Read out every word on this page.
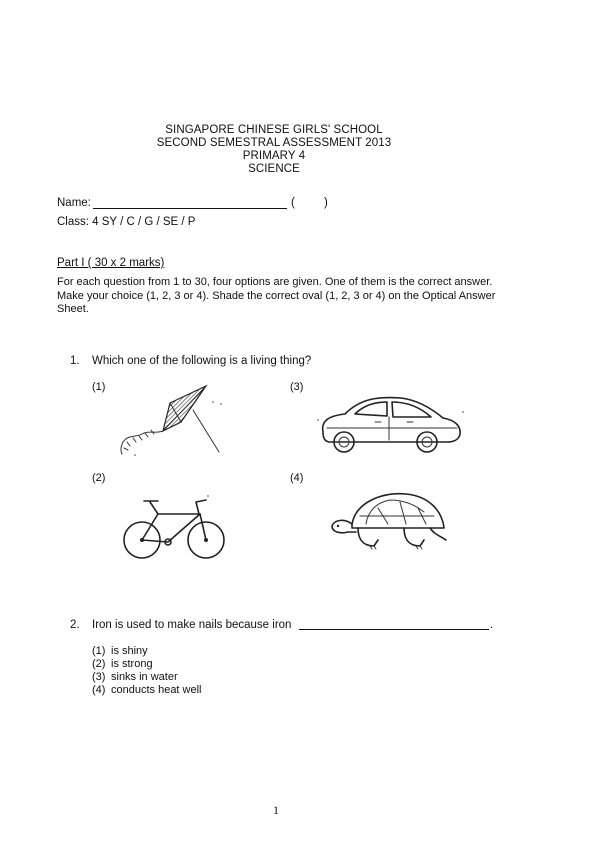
SINGAPORE CHINESE GIRLS' SCHOOL
SECOND SEMESTRAL ASSESSMENT 2013
PRIMARY 4
SCIENCE
Name:	(	)
Class: 4 SY / C / G / SE / P
Part I ( 30 x 2 marks)
For each question from 1 to 30, four options are given. One of them is the correct answer. Make your choice (1, 2, 3 or 4). Shade the correct oval (1, 2, 3 or 4) on the Optical Answer Sheet.
1. Which one of the following is a living thing?
(1)	(3)
(2)	(4)
2. Iron is used to make nails because iron	.
(1) is shiny
(2) is strong
(3) sinks in water
(4) conducts heat well
1
